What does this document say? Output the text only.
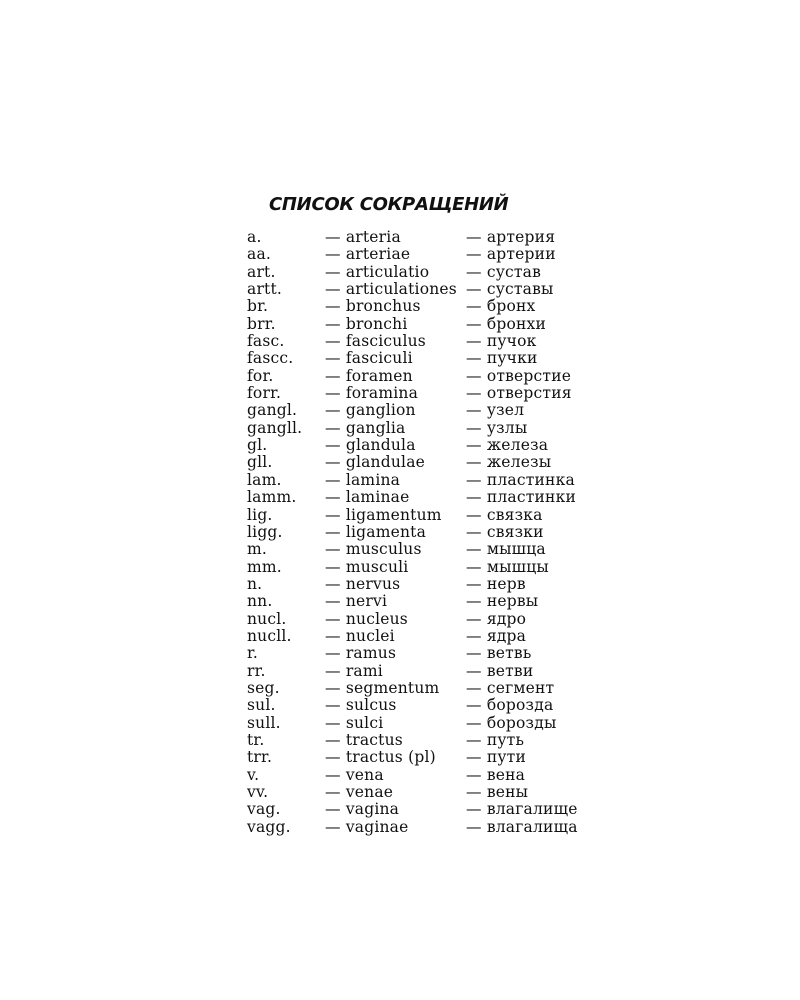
СПИСОК СОКРАЩЕНИЙ
a.	— arteria	— артерия
aa.	— arteriae	— артерии
art.	— articulatio	— сустав
artt.	— articulationes	— суставы
br.	— bronchus	— бронх
brr.	— bronchi	— бронхи
fasc.	— fasciculus	— пучок
fascc.	— fasciculi	— пучки
for.	— foramen	— отверстие
forr.	— foramina	— отверстия
gangl.	— ganglion	— узел
gangll.	— ganglia	— узлы
gl.	— glandula	— железа
gll.	— glandulae	— железы
lam.	— lamina	— пластинка
lamm.	— laminae	— пластинки
lig.	— ligamentum	— связка
ligg.	— ligamenta	— связки
m.	— musculus	— мышца
mm.	— musculi	— мышцы
n.	— nervus	— нерв
nn.	— nervi	— нервы
nucl.	— nucleus	— ядро
nucll.	— nuclei	— ядра
r.	— ramus	— ветвь
rr.	— rami	— ветви
seg.	— segmentum	— сегмент
sul.	— sulcus	— борозда
sull.	— sulci	— борозды
tr.	— tractus	— путь
trr.	— tractus (pl)	— пути
v.	— vena	— вена
vv.	— venae	— вены
vag.	— vagina	— влагалище
vagg.	— vaginae	— влагалища
